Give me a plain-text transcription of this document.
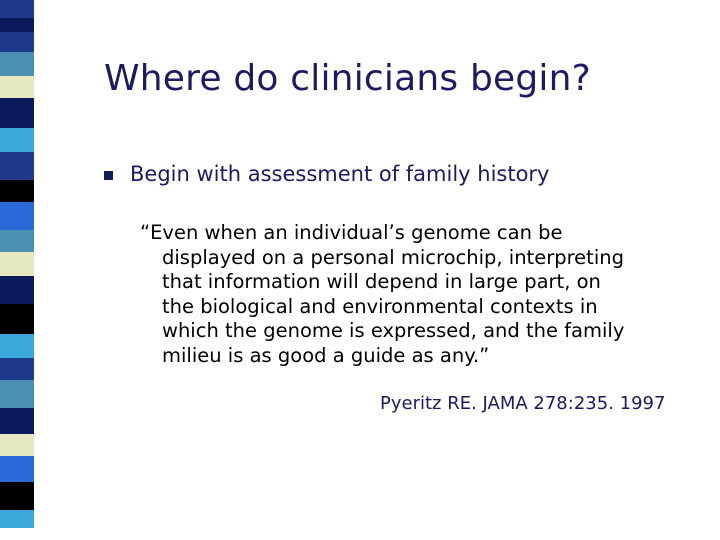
Where do clinicians begin?
Begin with assessment of family history
“Even when an individual’s genome can be
displayed on a personal microchip, interpreting
that information will depend in large part, on
the biological and environmental contexts in
which the genome is expressed, and the family
milieu is as good a guide as any.”
Pyeritz RE. JAMA 278:235. 1997
